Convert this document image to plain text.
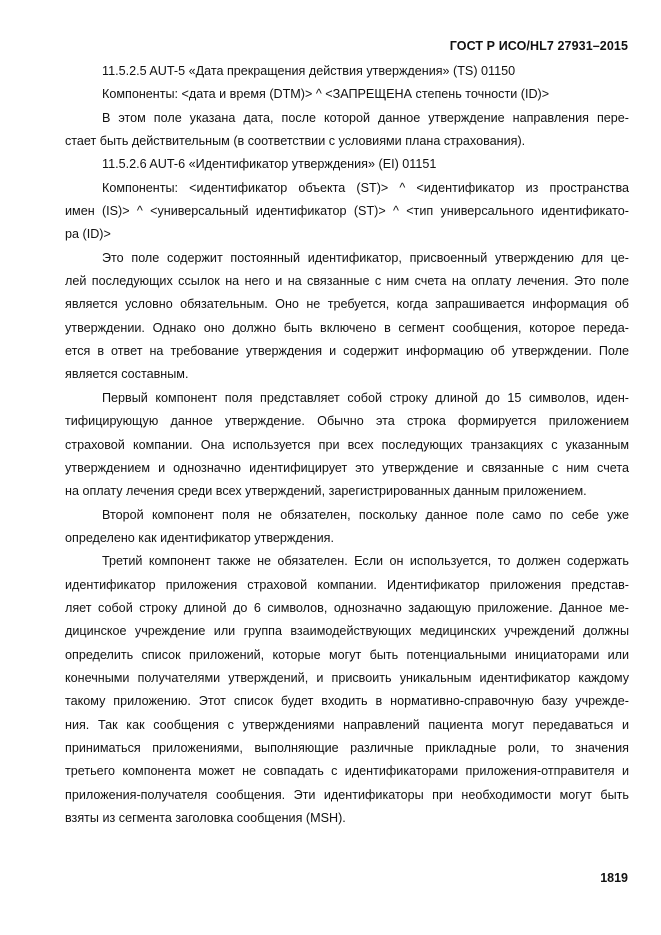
ГОСТ Р ИСО/HL7 27931–2015
11.5.2.5 AUT-5 «Дата прекращения действия утверждения» (TS) 01150
Компоненты: <дата и время (DTM)> ^ <ЗАПРЕЩЕНА степень точности (ID)>
В этом поле указана дата, после которой данное утверждение направления пере-
стает быть действительным (в соответствии с условиями плана страхования).
11.5.2.6 AUT-6 «Идентификатор утверждения» (EI) 01151
Компоненты: <идентификатор объекта (ST)> ^ <идентификатор из пространства
имен (IS)> ^ <универсальный идентификатор (ST)> ^ <тип универсального идентификато-
ра (ID)>
Это поле содержит постоянный идентификатор, присвоенный утверждению для це-
лей последующих ссылок на него и на связанные с ним счета на оплату лечения. Это поле
является условно обязательным. Оно не требуется, когда запрашивается информация об
утверждении. Однако оно должно быть включено в сегмент сообщения, которое переда-
ется в ответ на требование утверждения и содержит информацию об утверждении. Поле
является составным.
Первый компонент поля представляет собой строку длиной до 15 символов, иден-
тифицирующую данное утверждение. Обычно эта строка формируется приложением
страховой компании. Она используется при всех последующих транзакциях с указанным
утверждением и однозначно идентифицирует это утверждение и связанные с ним счета
на оплату лечения среди всех утверждений, зарегистрированных данным приложением.
Второй компонент поля не обязателен, поскольку данное поле само по себе уже
определено как идентификатор утверждения.
Третий компонент также не обязателен. Если он используется, то должен содержать
идентификатор приложения страховой компании. Идентификатор приложения представ-
ляет собой строку длиной до 6 символов, однозначно задающую приложение. Данное ме-
дицинское учреждение или группа взаимодействующих медицинских учреждений должны
определить список приложений, которые могут быть потенциальными инициаторами или
конечными получателями утверждений, и присвоить уникальным идентификатор каждому
такому приложению. Этот список будет входить в нормативно-справочную базу учрежде-
ния. Так как сообщения с утверждениями направлений пациента могут передаваться и
приниматься приложениями, выполняющие различные прикладные роли, то значения
третьего компонента может не совпадать с идентификаторами приложения-отправителя и
приложения-получателя сообщения. Эти идентификаторы при необходимости могут быть
взяты из сегмента заголовка сообщения (MSH).
1819
